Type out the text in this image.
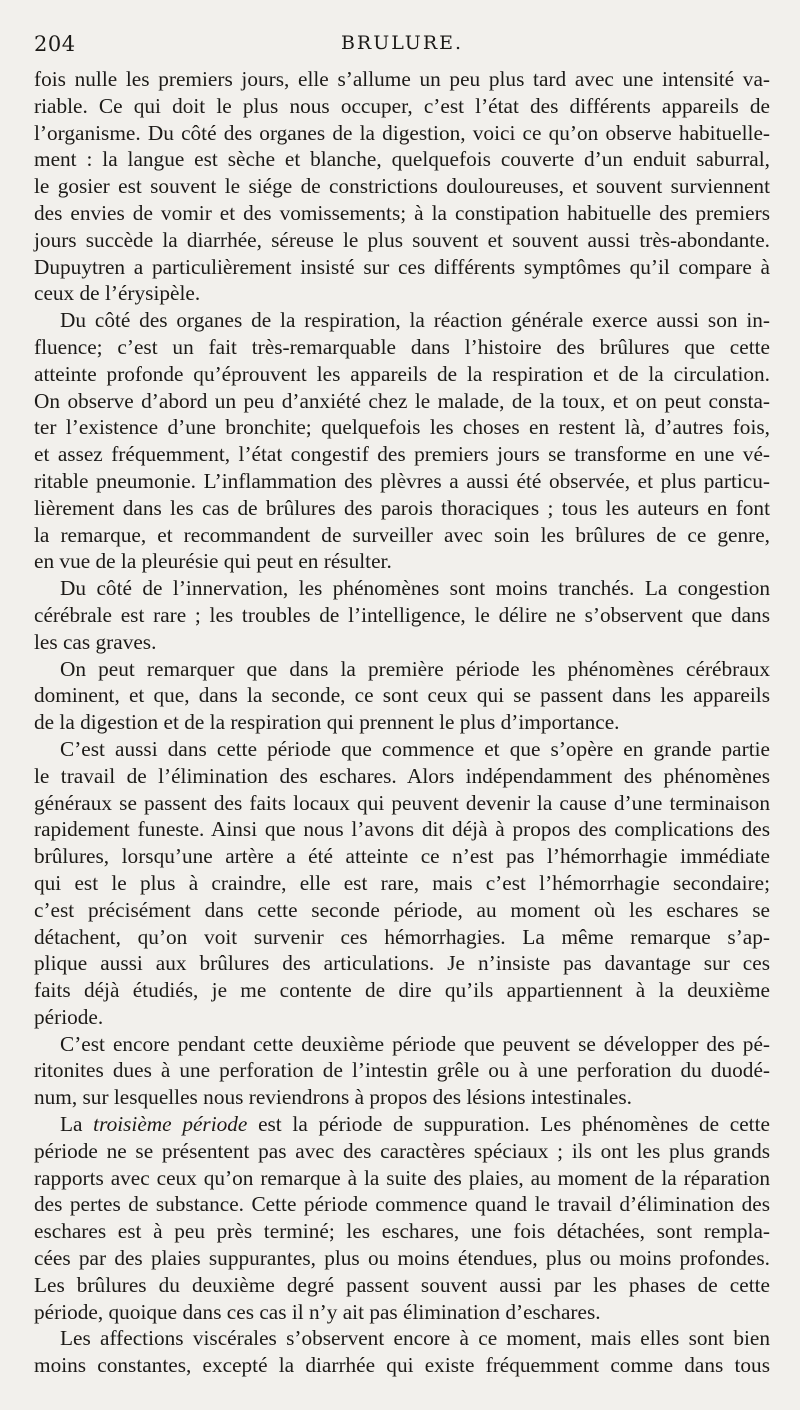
204	BRULURE.
fois nulle les premiers jours, elle s’allume un peu plus tard avec une intensité va-
riable. Ce qui doit le plus nous occuper, c’est l’état des différents appareils de
l’organisme. Du côté des organes de la digestion, voici ce qu’on observe habituelle-
ment : la langue est sèche et blanche, quelquefois couverte d’un enduit saburral,
le gosier est souvent le siége de constrictions douloureuses, et souvent surviennent
des envies de vomir et des vomissements; à la constipation habituelle des premiers
jours succède la diarrhée, séreuse le plus souvent et souvent aussi très-abondante.
Dupuytren a particulièrement insisté sur ces différents symptômes qu’il compare à
ceux de l’érysipèle.
Du côté des organes de la respiration, la réaction générale exerce aussi son in-
fluence; c’est un fait très-remarquable dans l’histoire des brûlures que cette
atteinte profonde qu’éprouvent les appareils de la respiration et de la circulation.
On observe d’abord un peu d’anxiété chez le malade, de la toux, et on peut consta-
ter l’existence d’une bronchite; quelquefois les choses en restent là, d’autres fois,
et assez fréquemment, l’état congestif des premiers jours se transforme en une vé-
ritable pneumonie. L’inflammation des plèvres a aussi été observée, et plus particu-
lièrement dans les cas de brûlures des parois thoraciques ; tous les auteurs en font
la remarque, et recommandent de surveiller avec soin les brûlures de ce genre,
en vue de la pleurésie qui peut en résulter.
Du côté de l’innervation, les phénomènes sont moins tranchés. La congestion
cérébrale est rare ; les troubles de l’intelligence, le délire ne s’observent que dans
les cas graves.
On peut remarquer que dans la première période les phénomènes cérébraux
dominent, et que, dans la seconde, ce sont ceux qui se passent dans les appareils
de la digestion et de la respiration qui prennent le plus d’importance.
C’est aussi dans cette période que commence et que s’opère en grande partie
le travail de l’élimination des eschares. Alors indépendamment des phénomènes
généraux se passent des faits locaux qui peuvent devenir la cause d’une terminaison
rapidement funeste. Ainsi que nous l’avons dit déjà à propos des complications des
brûlures, lorsqu’une artère a été atteinte ce n’est pas l’hémorrhagie immédiate
qui est le plus à craindre, elle est rare, mais c’est l’hémorrhagie secondaire;
c’est précisément dans cette seconde période, au moment où les eschares se
détachent, qu’on voit survenir ces hémorrhagies. La même remarque s’ap-
plique aussi aux brûlures des articulations. Je n’insiste pas davantage sur ces
faits déjà étudiés, je me contente de dire qu’ils appartiennent à la deuxième
période.
C’est encore pendant cette deuxième période que peuvent se développer des pé-
ritonites dues à une perforation de l’intestin grêle ou à une perforation du duodé-
num, sur lesquelles nous reviendrons à propos des lésions intestinales.
La troisième période est la période de suppuration. Les phénomènes de cette
période ne se présentent pas avec des caractères spéciaux ; ils ont les plus grands
rapports avec ceux qu’on remarque à la suite des plaies, au moment de la réparation
des pertes de substance. Cette période commence quand le travail d’élimination des
eschares est à peu près terminé; les eschares, une fois détachées, sont rempla-
cées par des plaies suppurantes, plus ou moins étendues, plus ou moins profondes.
Les brûlures du deuxième degré passent souvent aussi par les phases de cette
période, quoique dans ces cas il n’y ait pas élimination d’eschares.
Les affections viscérales s’observent encore à ce moment, mais elles sont bien
moins constantes, excepté la diarrhée qui existe fréquemment comme dans tous
